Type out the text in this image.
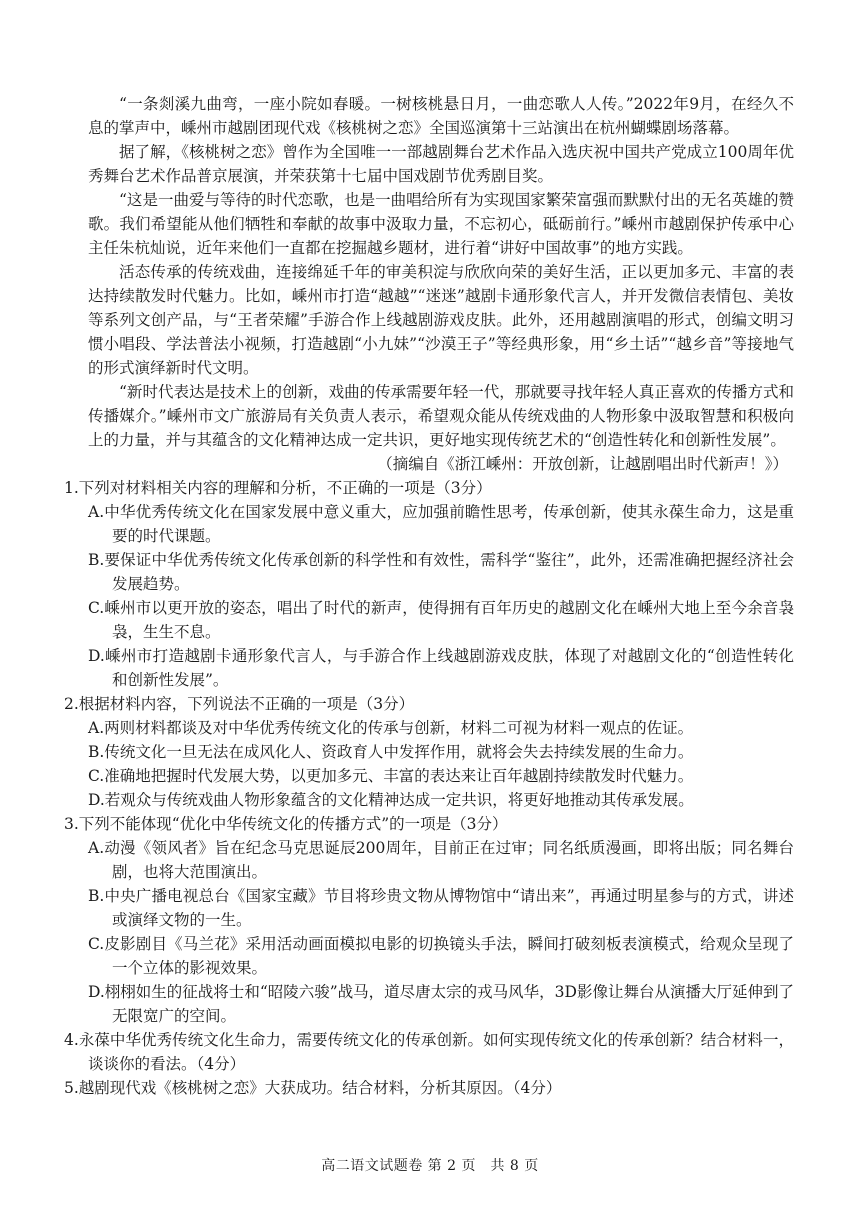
“一条剡溪九曲弯，一座小院如春暖。一树核桃悬日月，一曲恋歌人人传。”2022年9月，在经久不息的掌声中，嵊州市越剧团现代戏《核桃树之恋》全国巡演第十三站演出在杭州蝴蝶剧场落幕。

据了解，《核桃树之恋》曾作为全国唯一一部越剧舞台艺术作品入选庆祝中国共产党成立100周年优秀舞台艺术作品普京展演，并荣获第十七届中国戏剧节优秀剧目奖。

“这是一曲爱与等待的时代恋歌，也是一曲唱给所有为实现国家繁荣富强而默默付出的无名英雄的赞歌。我们希望能从他们牺牲和奉献的故事中汲取力量，不忘初心，砥砺前行。”嵊州市越剧保护传承中心主任朱杭灿说，近年来他们一直都在挖掘越乡题材，进行着“讲好中国故事”的地方实践。

活态传承的传统戏曲，连接绵延千年的审美积淀与欣欣向荣的美好生活，正以更加多元、丰富的表达持续散发时代魅力。比如，嵊州市打造“越越”“迷迷”越剧卡通形象代言人，并开发微信表情包、美妆等系列文创产品，与“王者荣耀”手游合作上线越剧游戏皮肤。此外，还用越剧演唱的形式，创编文明习惯小唱段、学法普法小视频，打造越剧“小九妹”“沙漠王子”等经典形象，用“乡土话”“越乡音”等接地气的形式演绎新时代文明。

“新时代表达是技术上的创新，戏曲的传承需要年轻一代，那就要寻找年轻人真正喜欢的传播方式和传播媒介。”嵊州市文广旅游局有关负责人表示，希望观众能从传统戏曲的人物形象中汲取智慧和积极向上的力量，并与其蕴含的文化精神达成一定共识，更好地实现传统艺术的“创造性转化和创新性发展”。

（摘编自《浙江嵊州：开放创新，让越剧唱出时代新声！》）

1.下列对材料相关内容的理解和分析，不正确的一项是（3分）

A.中华优秀传统文化在国家发展中意义重大，应加强前瞻性思考，传承创新，使其永葆生命力，这是重要的时代课题。

B.要保证中华优秀传统文化传承创新的科学性和有效性，需科学“鉴往”，此外，还需准确把握经济社会发展趋势。

C.嵊州市以更开放的姿态，唱出了时代的新声，使得拥有百年历史的越剧文化在嵊州大地上至今余音袅袅，生生不息。

D.嵊州市打造越剧卡通形象代言人，与手游合作上线越剧游戏皮肤，体现了对越剧文化的“创造性转化和创新性发展”。

2.根据材料内容，下列说法不正确的一项是（3分）

A.两则材料都谈及对中华优秀传统文化的传承与创新，材料二可视为材料一观点的佐证。

B.传统文化一旦无法在成风化人、资政育人中发挥作用，就将会失去持续发展的生命力。

C.准确地把握时代发展大势，以更加多元、丰富的表达来让百年越剧持续散发时代魅力。

D.若观众与传统戏曲人物形象蕴含的文化精神达成一定共识，将更好地推动其传承发展。

3.下列不能体现“优化中华传统文化的传播方式”的一项是（3分）

A.动漫《领风者》旨在纪念马克思诞辰200周年，目前正在过审；同名纸质漫画，即将出版；同名舞台剧，也将大范围演出。

B.中央广播电视总台《国家宝藏》节目将珍贵文物从博物馆中“请出来”，再通过明星参与的方式，讲述或演绎文物的一生。

C.皮影剧目《马兰花》采用活动画面模拟电影的切换镜头手法，瞬间打破刻板表演模式，给观众呈现了一个立体的影视效果。

D.栩栩如生的征战将士和“昭陵六骏”战马，道尽唐太宗的戎马风华，3D影像让舞台从演播大厅延伸到了无限宽广的空间。

4.永葆中华优秀传统文化生命力，需要传统文化的传承创新。如何实现传统文化的传承创新？结合材料一，谈谈你的看法。（4分）

5.越剧现代戏《核桃树之恋》大获成功。结合材料，分析其原因。（4分）

高二语文试题卷 第 2 页　共 8 页
